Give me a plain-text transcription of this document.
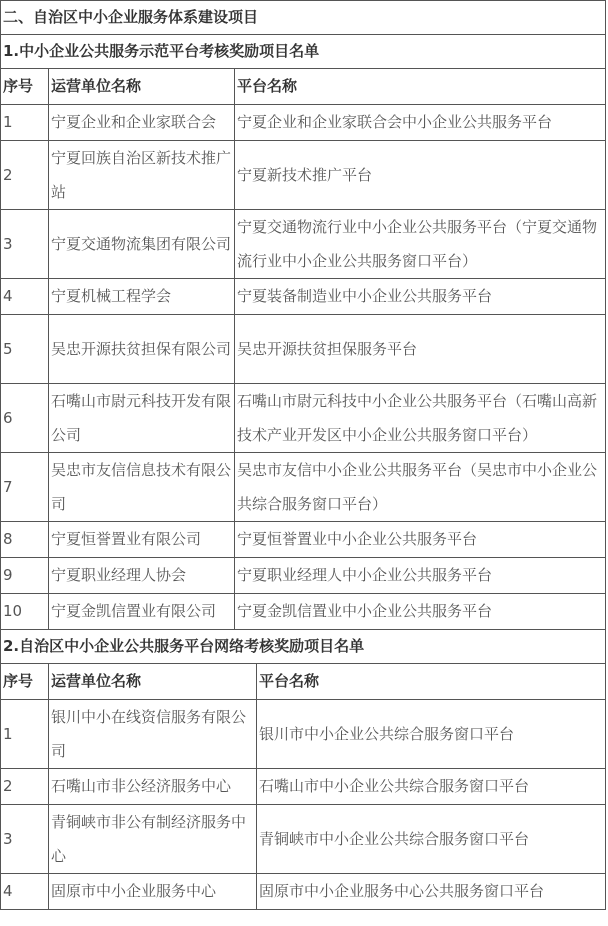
二、自治区中小企业服务体系建设项目		
1.中小企业公共服务示范平台考核奖励项目名单		
序号	运营单位名称	平台名称

1	宁夏企业和企业家联合会	宁夏企业和企业家联合会中小企业公共服务平台

2	宁夏回族自治区新技术推广站	宁夏新技术推广平台

3	宁夏交通物流集团有限公司	宁夏交通物流行业中小企业公共服务平台（宁夏交通物流行业中小企业公共服务窗口平台）

4	宁夏机械工程学会	宁夏装备制造业中小企业公共服务平台

5	吴忠开源扶贫担保有限公司	吴忠开源扶贫担保服务平台

6	石嘴山市尉元科技开发有限公司	石嘴山市尉元科技中小企业公共服务平台（石嘴山高新技术产业开发区中小企业公共服务窗口平台）

7	吴忠市友信信息技术有限公司	吴忠市友信中小企业公共服务平台（吴忠市中小企业公共综合服务窗口平台）

8	宁夏恒誉置业有限公司	宁夏恒誉置业中小企业公共服务平台

9	宁夏职业经理人协会	宁夏职业经理人中小企业公共服务平台

10	宁夏金凯信置业有限公司	宁夏金凯信置业中小企业公共服务平台
2.自治区中小企业公共服务平台网络考核奖励项目名单		
序号	运营单位名称	平台名称

1	银川中小在线资信服务有限公司	银川市中小企业公共综合服务窗口平台

2	石嘴山市非公经济服务中心	石嘴山市中小企业公共综合服务窗口平台

3	青铜峡市非公有制经济服务中心	青铜峡市中小企业公共综合服务窗口平台

4	固原市中小企业服务中心	固原市中小企业服务中心公共服务窗口平台
